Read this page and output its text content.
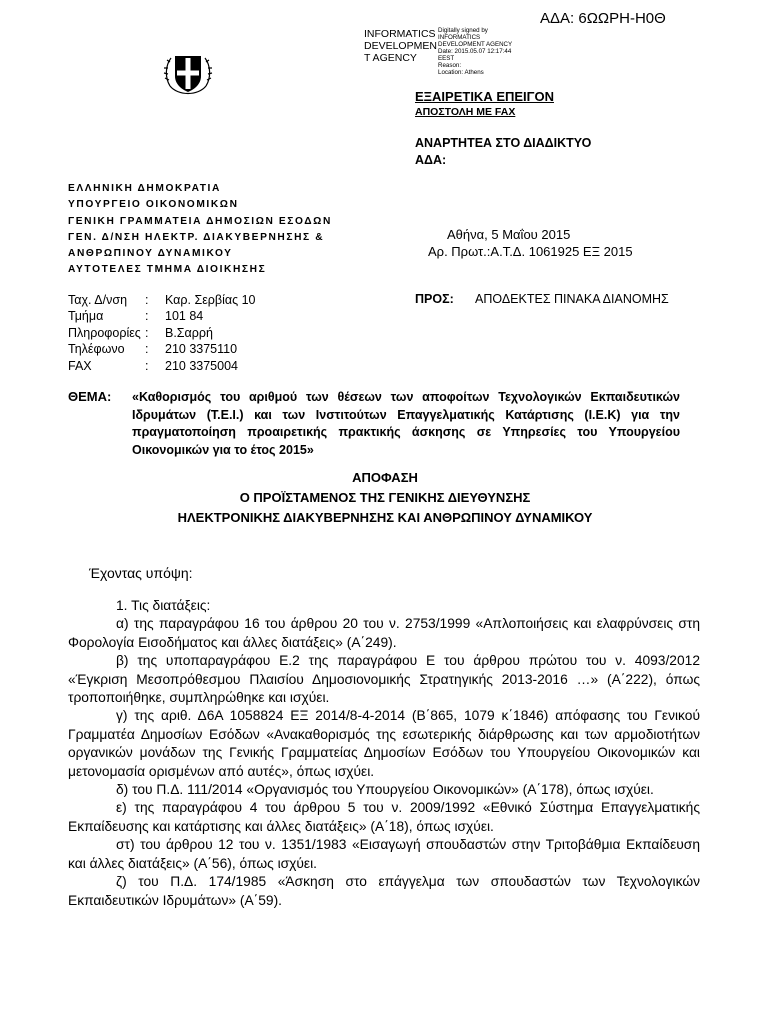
ΑΔΑ: 6ΩΩΡΗ-Η0Θ
INFORMATICS
DEVELOPMEN
T AGENCY
Digitally signed by
INFORMATICS
DEVELOPMENT AGENCY
Date: 2015.05.07 12:17:44
EEST
Reason:
Location: Athens
ΕΞΑΙΡΕΤΙΚΑ ΕΠΕΙΓΟΝ
ΑΠΟΣΤΟΛΗ ΜΕ FAX
ΑΝΑΡΤΗΤΕΑ ΣΤΟ ΔΙΑΔΙΚΤΥΟ
ΑΔΑ:
ΕΛΛΗΝΙΚΗ ΔΗΜΟΚΡΑΤΙΑ
ΥΠΟΥΡΓΕΙΟ ΟΙΚΟΝΟΜΙΚΩΝ
ΓΕΝΙΚΗ ΓΡΑΜΜΑΤΕΙΑ ΔΗΜΟΣΙΩΝ ΕΣΟΔΩΝ
ΓΕΝ. Δ/ΝΣΗ ΗΛΕΚΤΡ. ΔΙΑΚΥΒΕΡΝΗΣΗΣ &
ΑΝΘΡΩΠΙΝΟΥ ΔΥΝΑΜΙΚΟΥ
ΑΥΤΟΤΕΛΕΣ ΤΜΗΜΑ ΔΙΟΙΚΗΣΗΣ
Αθήνα, 5 Μαΐου 2015
Αρ. Πρωτ.:Α.Τ.Δ. 1061925 ΕΞ 2015
Ταχ. Δ/νση	:	Καρ. Σερβίας 10
Τμήμα	:	101 84
Πληροφορίες :	Β.Σαρρή
Τηλέφωνο	:	210 3375110
FAX	:	210 3375004
ΠΡΟΣ: ΑΠΟΔΕΚΤΕΣ ΠΙΝΑΚΑ ΔΙΑΝΟΜΗΣ
ΘΕΜΑ: «Καθορισμός του αριθμού των θέσεων των αποφοίτων Τεχνολογικών Εκπαιδευτικών Ιδρυμάτων (Τ.Ε.Ι.) και των Ινστιτούτων Επαγγελματικής Κατάρτισης (Ι.Ε.Κ) για την πραγματοποίηση προαιρετικής πρακτικής άσκησης σε Υπηρεσίες του Υπουργείου Οικονομικών για το έτος 2015»
ΑΠΟΦΑΣΗ
Ο ΠΡΟΪΣΤΑΜΕΝΟΣ ΤΗΣ ΓΕΝΙΚΗΣ ΔΙΕΥΘΥΝΣΗΣ
ΗΛΕΚΤΡΟΝΙΚΗΣ ΔΙΑΚΥΒΕΡΝΗΣΗΣ ΚΑΙ ΑΝΘΡΩΠΙΝΟΥ ΔΥΝΑΜΙΚΟΥ
Έχοντας υπόψη:

1. Τις διατάξεις:

α) της παραγράφου 16 του άρθρου 20 του ν. 2753/1999 «Απλοποιήσεις και ελαφρύνσεις στη Φορολογία Εισοδήματος και άλλες διατάξεις» (Α΄249).

β) της υποπαραγράφου Ε.2 της παραγράφου Ε του άρθρου πρώτου του ν. 4093/2012 «Έγκριση Μεσοπρόθεσμου Πλαισίου Δημοσιονομικής Στρατηγικής 2013-2016 …» (Α΄222), όπως τροποποιήθηκε, συμπληρώθηκε και ισχύει.

γ) της αριθ. Δ6Α 1058824 ΕΞ 2014/8-4-2014 (Β΄865, 1079 κ΄1846) απόφασης του Γενικού Γραμματέα Δημοσίων Εσόδων «Ανακαθορισμός της εσωτερικής διάρθρωσης και των αρμοδιοτήτων οργανικών μονάδων της Γενικής Γραμματείας Δημοσίων Εσόδων του Υπουργείου Οικονομικών και μετονομασία ορισμένων από αυτές», όπως ισχύει.

δ) του Π.Δ. 111/2014 «Οργανισμός του Υπουργείου Οικονομικών» (Α΄178), όπως ισχύει.

ε) της παραγράφου 4 του άρθρου 5 του ν. 2009/1992 «Εθνικό Σύστημα Επαγγελματικής Εκπαίδευσης και κατάρτισης και άλλες διατάξεις» (Α΄18), όπως ισχύει.

στ) του άρθρου 12 του ν. 1351/1983 «Εισαγωγή σπουδαστών στην Τριτοβάθμια Εκπαίδευση και άλλες διατάξεις» (Α΄56), όπως ισχύει.

ζ) του Π.Δ. 174/1985 «Άσκηση στο επάγγελμα των σπουδαστών των Τεχνολογικών Εκπαιδευτικών Ιδρυμάτων» (Α΄59).
